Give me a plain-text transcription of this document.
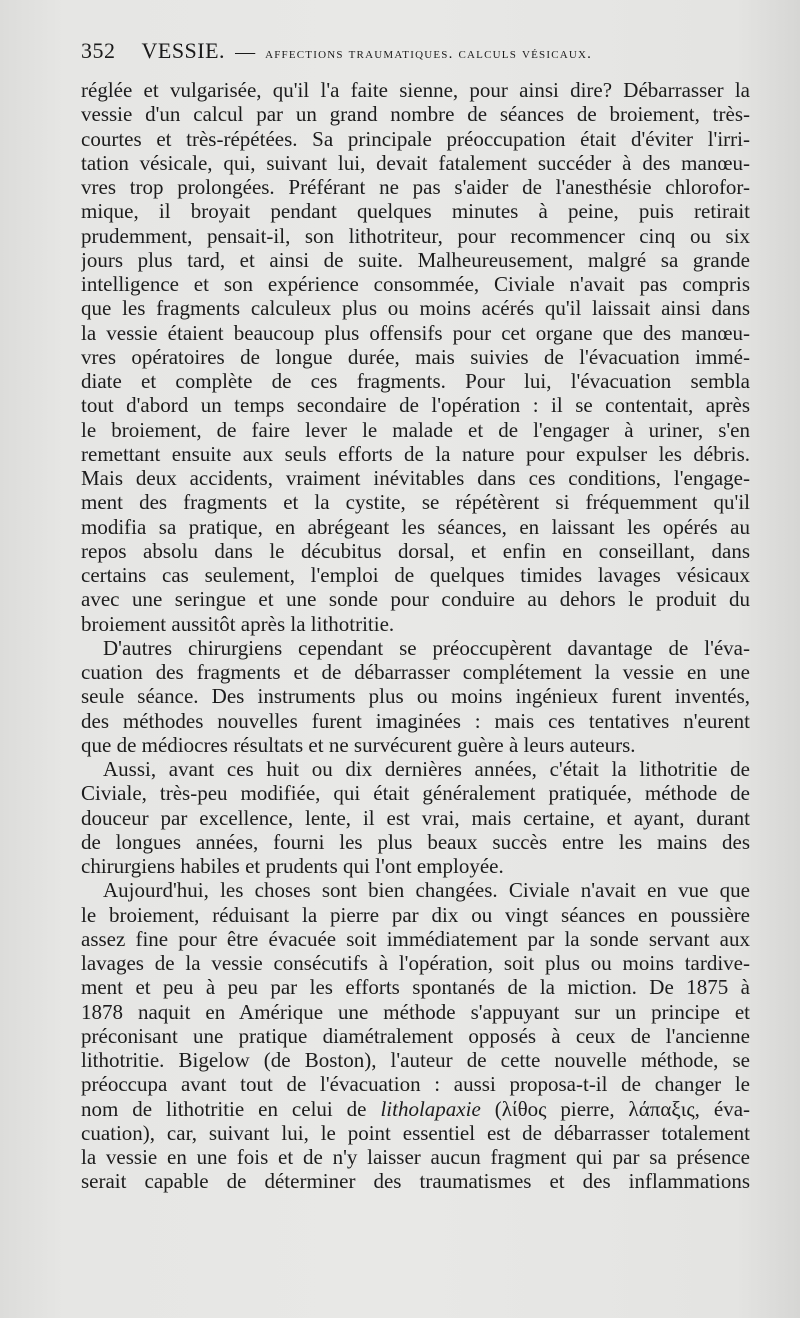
352 VESSIE. — affections traumatiques. calculs vésicaux.
réglée et vulgarisée, qu'il l'a faite sienne, pour ainsi dire? Débarrasser la
vessie d'un calcul par un grand nombre de séances de broiement, très-
courtes et très-répétées. Sa principale préoccupation était d'éviter l'irri-
tation vésicale, qui, suivant lui, devait fatalement succéder à des manœu-
vres trop prolongées. Préférant ne pas s'aider de l'anesthésie chlorofor-
mique, il broyait pendant quelques minutes à peine, puis retirait
prudemment, pensait-il, son lithotriteur, pour recommencer cinq ou six
jours plus tard, et ainsi de suite. Malheureusement, malgré sa grande
intelligence et son expérience consommée, Civiale n'avait pas compris
que les fragments calculeux plus ou moins acérés qu'il laissait ainsi dans
la vessie étaient beaucoup plus offensifs pour cet organe que des manœu-
vres opératoires de longue durée, mais suivies de l'évacuation immé-
diate et complète de ces fragments. Pour lui, l'évacuation sembla
tout d'abord un temps secondaire de l'opération : il se contentait, après
le broiement, de faire lever le malade et de l'engager à uriner, s'en
remettant ensuite aux seuls efforts de la nature pour expulser les débris.
Mais deux accidents, vraiment inévitables dans ces conditions, l'engage-
ment des fragments et la cystite, se répétèrent si fréquemment qu'il
modifia sa pratique, en abrégeant les séances, en laissant les opérés au
repos absolu dans le décubitus dorsal, et enfin en conseillant, dans
certains cas seulement, l'emploi de quelques timides lavages vésicaux
avec une seringue et une sonde pour conduire au dehors le produit du
broiement aussitôt après la lithotritie.
D'autres chirurgiens cependant se préoccupèrent davantage de l'éva-
cuation des fragments et de débarrasser complétement la vessie en une
seule séance. Des instruments plus ou moins ingénieux furent inventés,
des méthodes nouvelles furent imaginées : mais ces tentatives n'eurent
que de médiocres résultats et ne survécurent guère à leurs auteurs.
Aussi, avant ces huit ou dix dernières années, c'était la lithotritie de
Civiale, très-peu modifiée, qui était généralement pratiquée, méthode de
douceur par excellence, lente, il est vrai, mais certaine, et ayant, durant
de longues années, fourni les plus beaux succès entre les mains des
chirurgiens habiles et prudents qui l'ont employée.
Aujourd'hui, les choses sont bien changées. Civiale n'avait en vue que
le broiement, réduisant la pierre par dix ou vingt séances en poussière
assez fine pour être évacuée soit immédiatement par la sonde servant aux
lavages de la vessie consécutifs à l'opération, soit plus ou moins tardive-
ment et peu à peu par les efforts spontanés de la miction. De 1875 à
1878 naquit en Amérique une méthode s'appuyant sur un principe et
préconisant une pratique diamétralement opposés à ceux de l'ancienne
lithotritie. Bigelow (de Boston), l'auteur de cette nouvelle méthode, se
préoccupa avant tout de l'évacuation : aussi proposa-t-il de changer le
nom de lithotritie en celui de litholapaxie (λίθος pierre, λάπαξις, éva-
cuation), car, suivant lui, le point essentiel est de débarrasser totalement
la vessie en une fois et de n'y laisser aucun fragment qui par sa présence
serait capable de déterminer des traumatismes et des inflammations
